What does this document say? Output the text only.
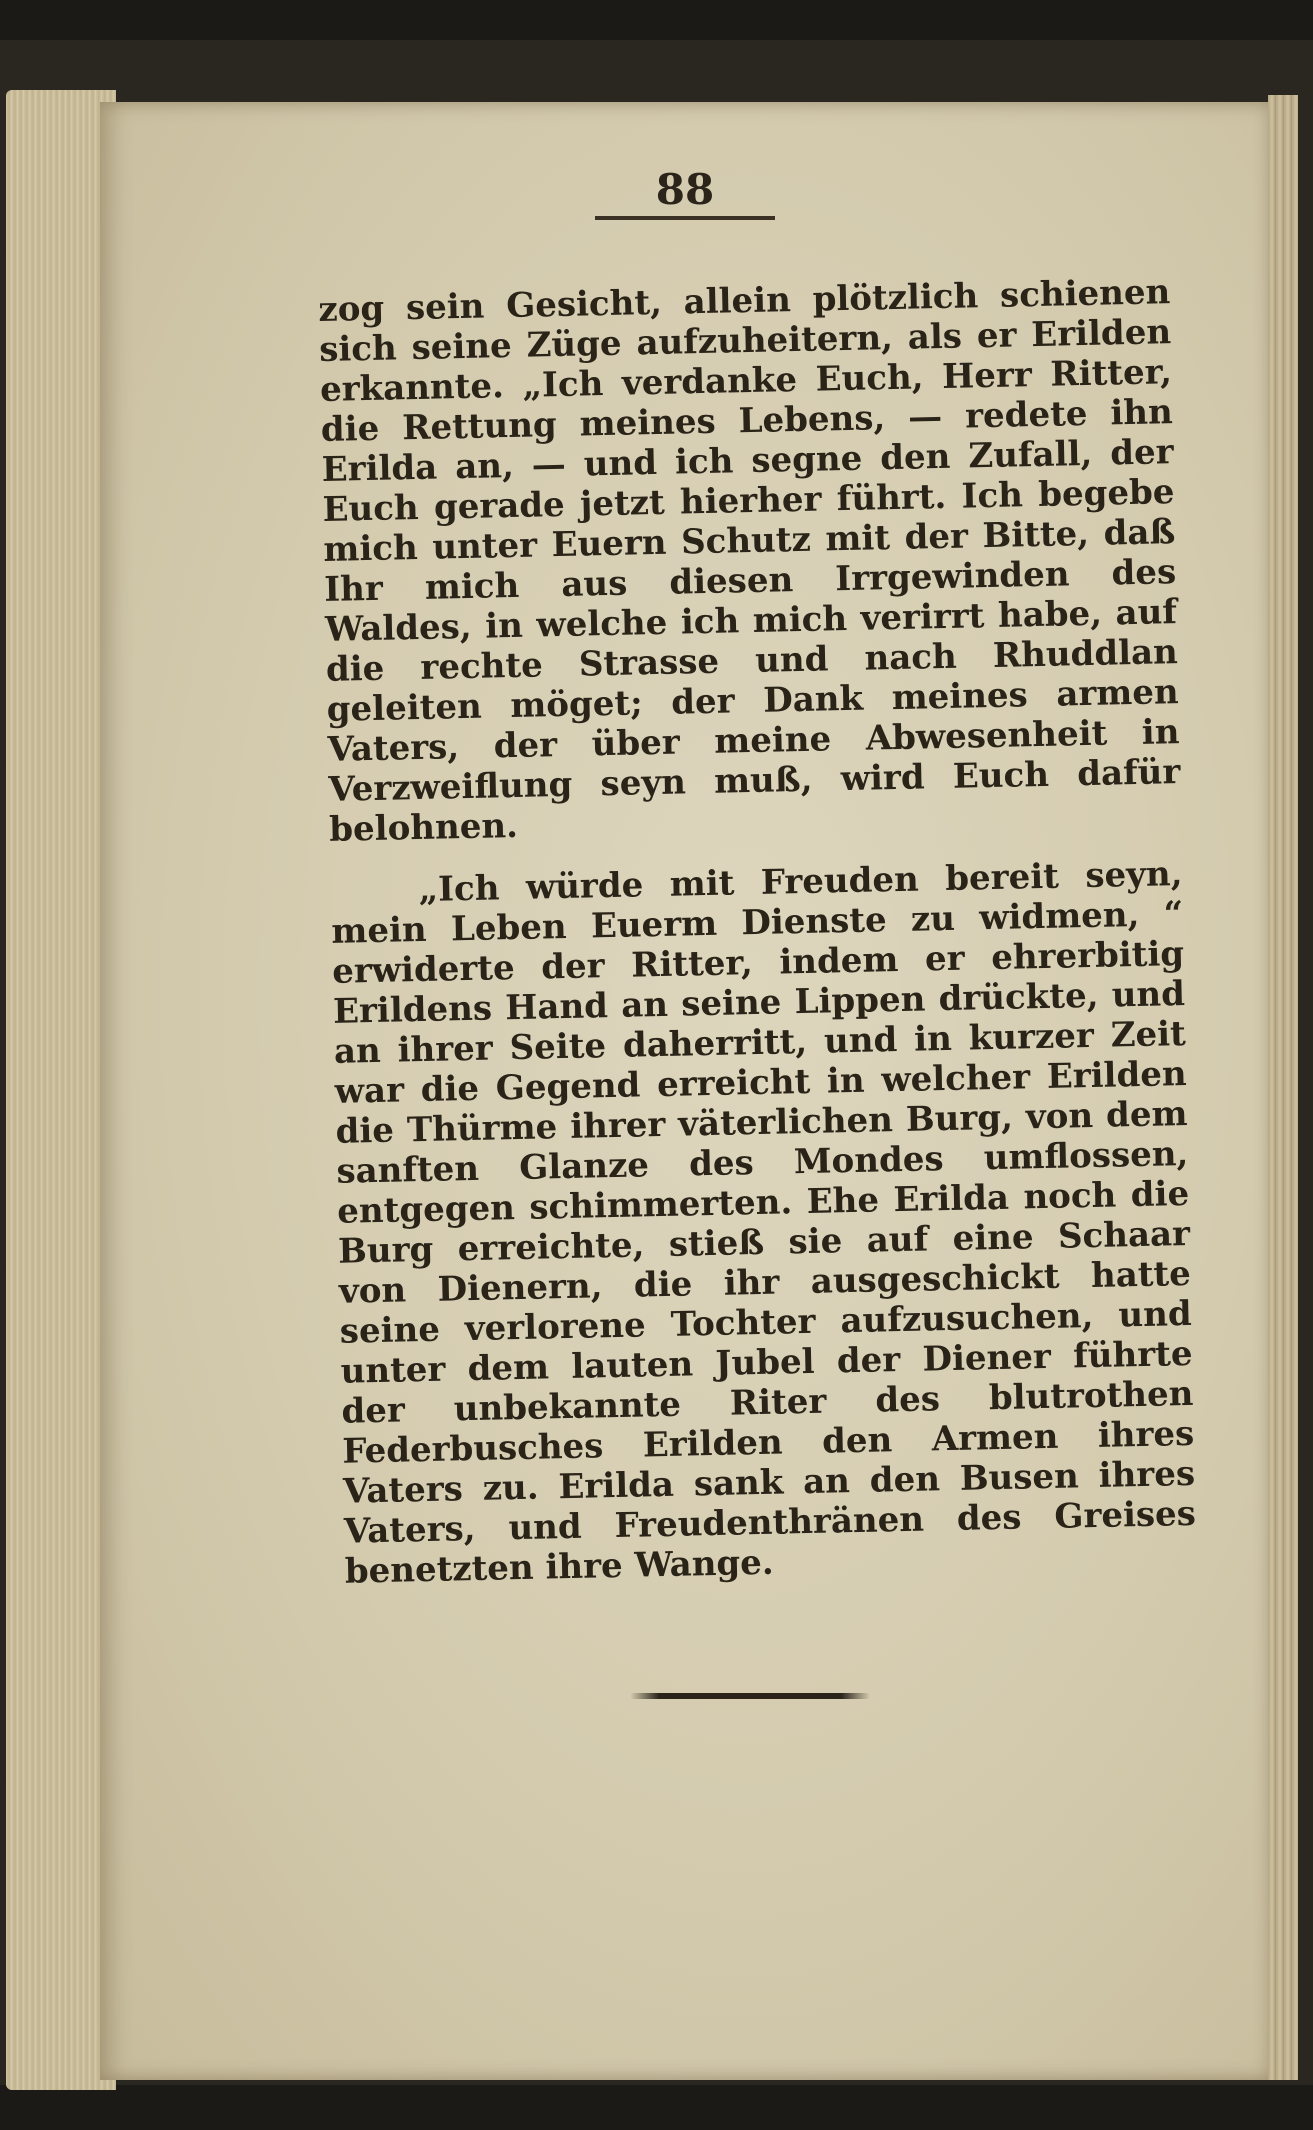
88

zog sein Gesicht, allein plötzlich schienen sich seine Züge aufzuheitern, als er Erilden erkannte. „Ich verdanke Euch, Herr Ritter, die Rettung meines Lebens, — redete ihn Erilda an, — und ich segne den Zufall, der Euch gerade jetzt hierher führt. Ich begebe mich unter Euern Schutz mit der Bitte, daß Ihr mich aus diesen Irrgewinden des Waldes, in welche ich mich verirrt habe, auf die rechte Strasse und nach Rhuddlan geleiten möget; der Dank meines armen Vaters, der über meine Abwesenheit in Verzweiflung seyn muß, wird Euch dafür belohnen.

„Ich würde mit Freuden bereit seyn, mein Leben Euerm Dienste zu widmen, “ erwiderte der Ritter, indem er ehrerbitig Erildens Hand an seine Lippen drückte, und an ihrer Seite daherritt, und in kurzer Zeit war die Gegend erreicht in welcher Erilden die Thürme ihrer väterlichen Burg, von dem sanften Glanze des Mondes umflossen, entgegen schimmerten. Ehe Erilda noch die Burg erreichte, stieß sie auf eine Schaar von Dienern, die ihr ausgeschickt hatte seine verlorene Tochter aufzusuchen, und unter dem lauten Jubel der Diener führte der unbekannte Riter des blutrothen Federbusches Erilden den Armen ihres Vaters zu. Erilda sank an den Busen ihres Vaters, und Freudenthränen des Greises benetzten ihre Wange.
